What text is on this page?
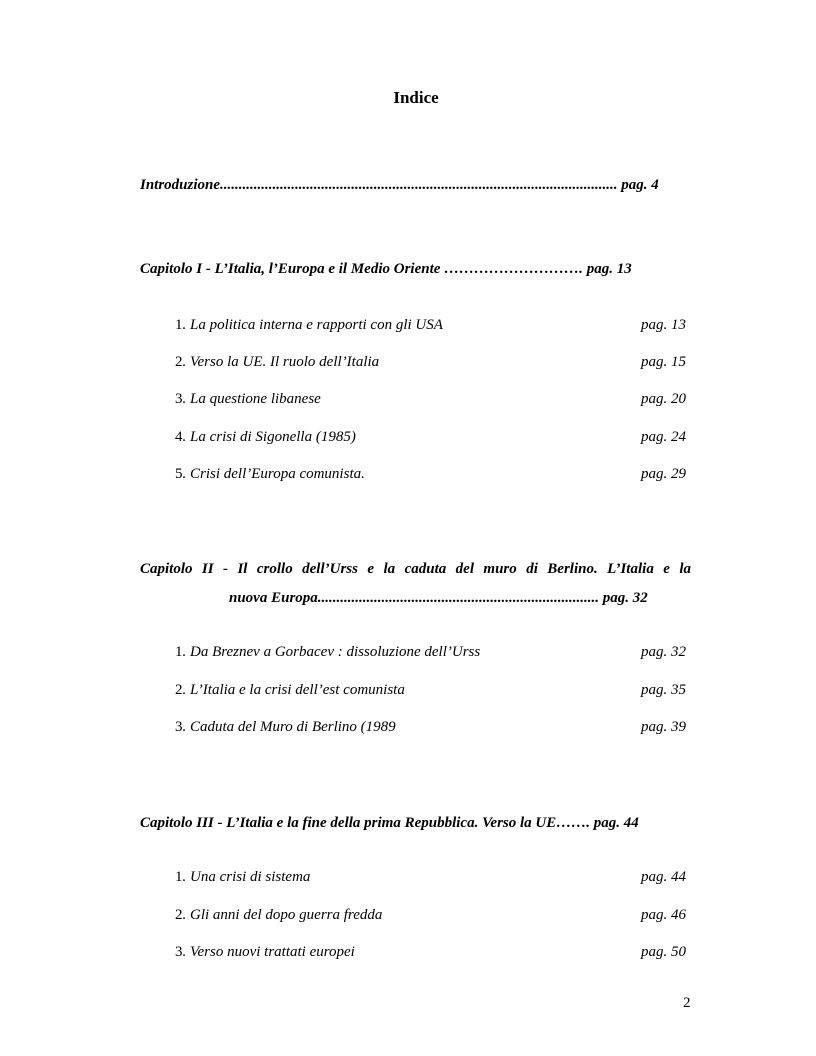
Indice
Introduzione.......................................................................................................... pag. 4
Capitolo I - L’Italia, l’Europa e il Medio Oriente ………………………. pag. 13
1. La politica interna e rapporti con gli USA	pag. 13
2. Verso la UE. Il ruolo dell’Italia	pag. 15
3. La questione libanese	pag. 20
4. La crisi di Sigonella (1985)	pag. 24
5. Crisi dell’Europa comunista.	pag. 29
Capitolo II - Il crollo dell’Urss e la caduta del muro di Berlino. L’Italia e la
nuova Europa........................................................................... pag. 32
1. Da Breznev a Gorbacev : dissoluzione dell’Urss	pag. 32
2. L’Italia e la crisi dell’est comunista	pag. 35
3. Caduta del Muro di Berlino (1989	pag. 39
Capitolo III - L’Italia e la fine della prima Repubblica. Verso la UE……. pag. 44
1. Una crisi di sistema	pag. 44
2. Gli anni del dopo guerra fredda	pag. 46
3. Verso nuovi trattati europei	pag. 50
2
